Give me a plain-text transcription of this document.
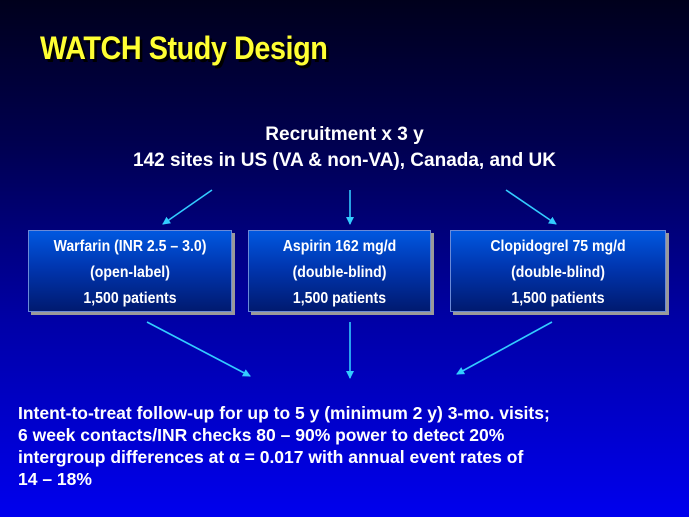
WATCH Study Design
Recruitment x 3 y
142 sites in US (VA & non-VA), Canada, and UK
Warfarin (INR 2.5 – 3.0)
(open-label)
1,500 patients
Aspirin 162 mg/d
(double-blind)
1,500 patients
Clopidogrel 75 mg/d
(double-blind)
1,500 patients
Intent-to-treat follow-up for up to 5 y (minimum 2 y) 3-mo. visits;
6 week contacts/INR checks 80 – 90% power to detect 20%
intergroup differences at α = 0.017 with annual event rates of
14 – 18%
